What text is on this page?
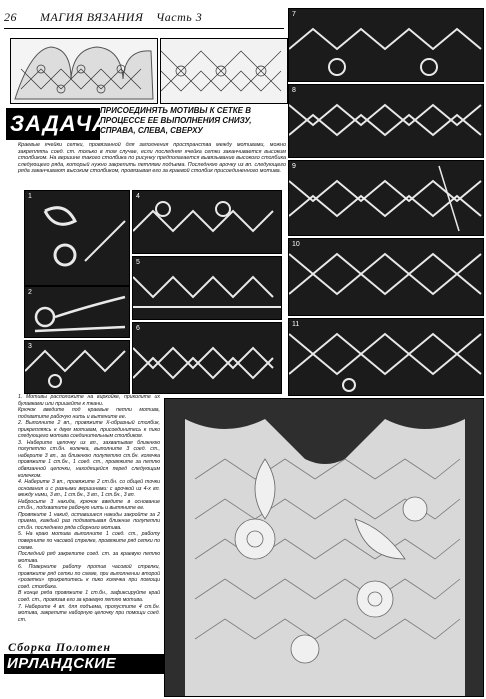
26 МАГИЯ ВЯЗАНИЯ Часть 3
ЗАДАЧА
ПРИСОЕДИНЯТЬ МОТИВЫ К СЕТКЕ В ПРОЦЕССЕ ЕЕ ВЫПОЛНЕНИЯ СНИЗУ, СПРАВА, СЛЕВА, СВЕРХУ
Краевые ячейки сетки, провязанной для заполнения пространства между мотивами, можно закреплять соед. ст. только в том случае, если последняя ячейка сетки заканчивается высоким столбиком. На вершине такого столбика по рисунку предполагается вывязывание высокого столбика следующего ряда, который нужно закрепить петлями подъема. Последнюю арочку из вп. следующего ряда заканчивают высоким столбиком, провязывая его за краевой столбик присоединенного мотива.
1
2
3
4
5
6
7
8
9
10
11

1. Мотивы расположите на виркойке, приколите их булавками или пришейте к ткани.

Крючок введите под краевые петли мотива, подхватите рабочую нить и вытяните ее.

2. Выполните 2 вп., провяжите Х-образный столбик, прикрепляясь к двум мотивам, присоединитесь к пико следующего мотива соединительным столбиком.

3. Наберите цепочку из вп., захватывая ближнюю полупетлю ст.бн. колечка, выполните 3 соед. ст., наберите 3 вп., за ближнюю полупетлю ст.бн. колечка провяжите 1 ст.бн., 1 соед. ст., провяжите за петлю обвязанной цепочки, находящейся перед следующим колечком.

4. Наберите 3 вп., провяжите 2 ст.бн. со общей точки основания и с разными вершинами: с арочкой из 4-х вп. между ними, 3 вп., 1 ст.бн., 3 вп., 1 ст.бн., 3 вп.

Набросьте 3 накида, крючок введите в основание ст.бн., подхватите рабочую нить и вытяните ее.

Провяжите 1 накид, оставшиеся накиды закройте за 2 приема, каждый раз подхватывая ближние полупетли ст.бн. последнего ряда сборного мотива.

5. На краю мотива выполните 1 соед. ст., работу поверните по часовой стрелке, провяжите ряд сетки по схеме.

Последний ряд закрепите соед. ст. за краевую петлю мотива.

6. Поверните работу против часовой стрелки, провяжите ряд сетки по схеме, при выполнении второй «розетки» прикрепитесь к пико колечка при помощи соед. столбика.

В конце ряда провяжите 1 ст.бн., зафиксируйте край соед. ст., провязав его за краевую петлю мотива.

7. Наберите 4 вп. для подъема, пропустите 4 ст.бн. мотива, закрепите наборную цепочку при помощи соед. ст.

Сборка Полотен
ИРЛАНДСКИЕ КРУЖЕВА
